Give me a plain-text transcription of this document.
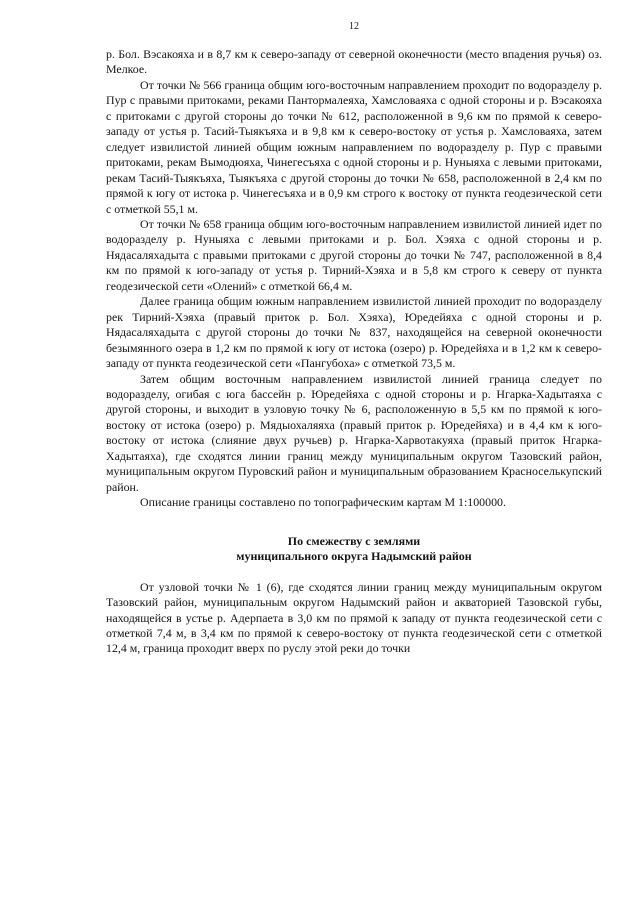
12

р. Бол. Вэсакояха и в 8,7 км к северо-западу от северной оконечности (место впадения ручья) оз. Мелкое.

От точки № 566 граница общим юго-восточным направлением проходит по водоразделу р. Пур с правыми притоками, реками Пантормалеяха, Хамсловаяха с одной стороны и р. Вэсакояха с притоками с другой стороны до точки № 612, расположенной в 9,6 км по прямой к северо-западу от устья р. Тасий-Тыякъяха и в 9,8 км к северо-востоку от устья р. Хамсловаяха, затем следует извилистой линией общим южным направлением по водоразделу р. Пур с правыми притоками, рекам Вымодюяха, Чинегесъяха с одной стороны и р. Нуныяха с левыми притоками, рекам Тасий-Тыякъяха, Тыякъяха с другой стороны до точки № 658, расположенной в 2,4 км по прямой к югу от истока р. Чинегесъяха и в 0,9 км строго к востоку от пункта геодезической сети с отметкой 55,1 м.

От точки № 658 граница общим юго-восточным направлением извилистой линией идет по водоразделу р. Нуныяха с левыми притоками и р. Бол. Хэяха с одной стороны и р. Нядасаляхадыта с правыми притоками с другой стороны до точки № 747, расположенной в 8,4 км по прямой к юго-западу от устья р. Тирний-Хэяха и в 5,8 км строго к северу от пункта геодезической сети «Олений» с отметкой 66,4 м.

Далее граница общим южным направлением извилистой линией проходит по водоразделу рек Тирний-Хэяха (правый приток р. Бол. Хэяха), Юредейяха с одной стороны и р. Нядасаляхадыта с другой стороны до точки № 837, находящейся на северной оконечности безымянного озера в 1,2 км по прямой к югу от истока (озеро) р. Юредейяха и в 1,2 км к северо-западу от пункта геодезической сети «Пангубоха» с отметкой 73,5 м.

Затем общим восточным направлением извилистой линией граница следует по водоразделу, огибая с юга бассейн р. Юредейяха с одной стороны и р. Нгарка-Хадытаяха с другой стороны, и выходит в узловую точку № 6, расположенную в 5,5 км по прямой к юго-востоку от истока (озеро) р. Мядыохаляяха (правый приток р. Юредейяха) и в 4,4 км к юго-востоку от истока (слияние двух ручьев) р. Нгарка-Харвотакуяха (правый приток Нгарка-Хадытаяха), где сходятся линии границ между муниципальным округом Тазовский район, муниципальным округом Пуровский район и муниципальным образованием Красноселькупский район.

Описание границы составлено по топографическим картам М 1:100000.

По смежеству с землями
муниципального округа Надымский район

От узловой точки № 1 (6), где сходятся линии границ между муниципальным округом Тазовский район, муниципальным округом Надымский район и акваторией Тазовской губы, находящейся в устье р. Адерпаета в 3,0 км по прямой к западу от пункта геодезической сети с отметкой 7,4 м, в 3,4 км по прямой к северо-востоку от пункта геодезической сети с отметкой 12,4 м, граница проходит вверх по руслу этой реки до точки
